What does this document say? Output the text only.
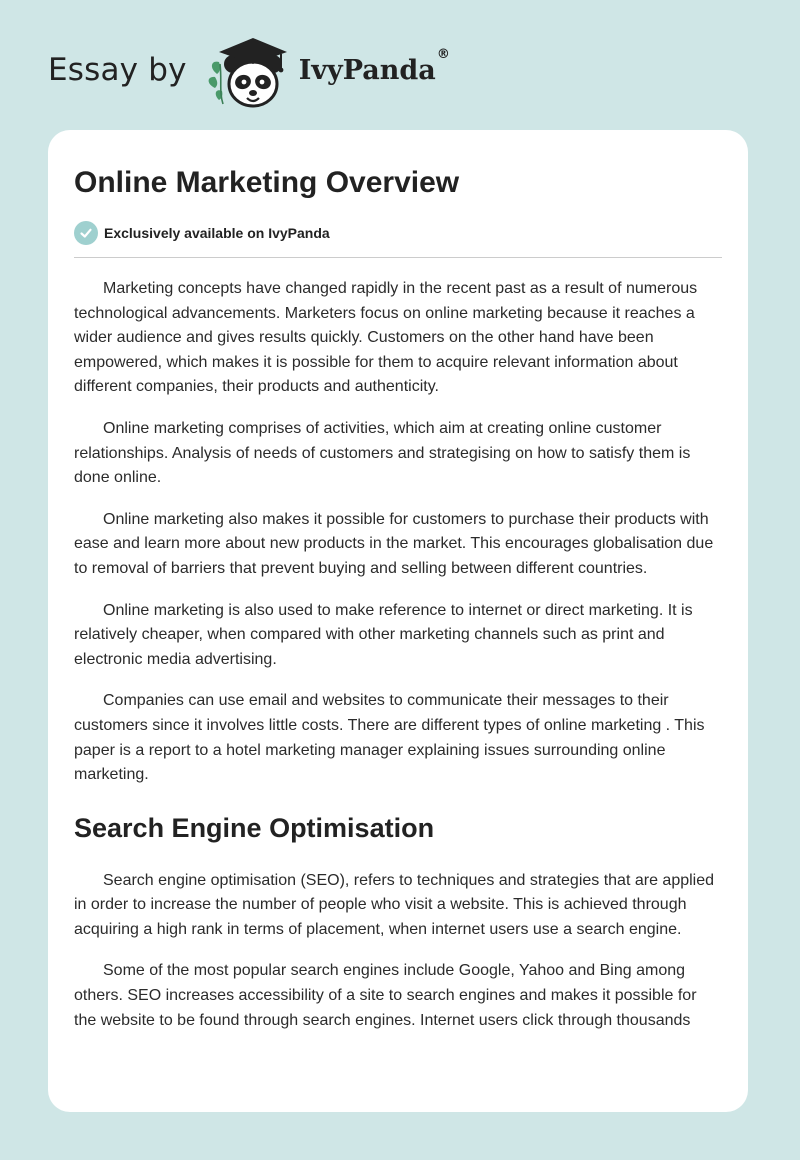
Essay by	IvyPanda®
Online Marketing Overview
Exclusively available on IvyPanda

Marketing concepts have changed rapidly in the recent past as a result of numerous technological advancements. Marketers focus on online marketing because it reaches a wider audience and gives results quickly. Customers on the other hand have been empowered, which makes it is possible for them to acquire relevant information about different companies, their products and authenticity.

Online marketing comprises of activities, which aim at creating online customer relationships. Analysis of needs of customers and strategising on how to satisfy them is done online.

Online marketing also makes it possible for customers to purchase their products with ease and learn more about new products in the market. This encourages globalisation due to removal of barriers that prevent buying and selling between different countries.

Online marketing is also used to make reference to internet or direct marketing. It is relatively cheaper, when compared with other marketing channels such as print and electronic media advertising.

Companies can use email and websites to communicate their messages to their customers since it involves little costs. There are different types of online marketing . This paper is a report to a hotel marketing manager explaining issues surrounding online marketing.

Search Engine Optimisation

Search engine optimisation (SEO), refers to techniques and strategies that are applied in order to increase the number of people who visit a website. This is achieved through acquiring a high rank in terms of placement, when internet users use a search engine.

Some of the most popular search engines include Google, Yahoo and Bing among others. SEO increases accessibility of a site to search engines and makes it possible for the website to be found through search engines. Internet users click through thousands
